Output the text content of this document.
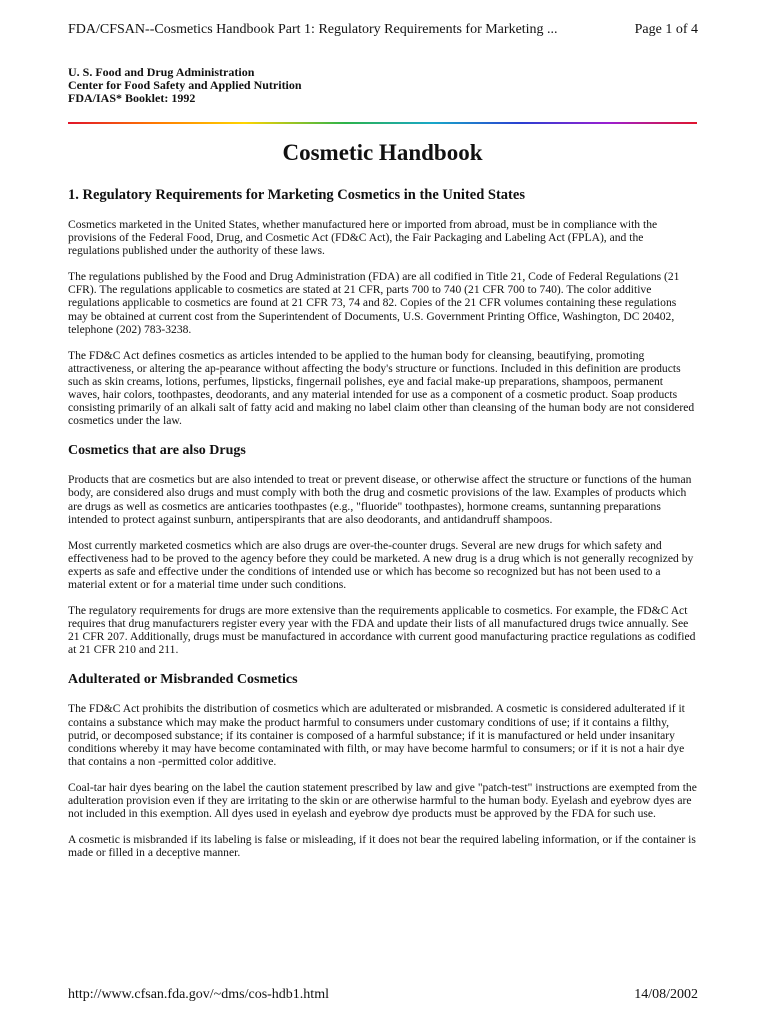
FDA/CFSAN--Cosmetics Handbook Part 1: Regulatory Requirements for Marketing ...	Page 1 of 4
U. S. Food and Drug Administration
Center for Food Safety and Applied Nutrition
FDA/IAS* Booklet: 1992
Cosmetic Handbook
1. Regulatory Requirements for Marketing Cosmetics in the United States

Cosmetics marketed in the United States, whether manufactured here or imported from abroad, must be in compliance with the provisions of the Federal Food, Drug, and Cosmetic Act (FD&C Act), the Fair Packaging and Labeling Act (FPLA), and the regulations published under the authority of these laws.

The regulations published by the Food and Drug Administration (FDA) are all codified in Title 21, Code of Federal Regulations (21 CFR). The regulations applicable to cosmetics are stated at 21 CFR, parts 700 to 740 (21 CFR 700 to 740). The color additive regulations applicable to cosmetics are found at 21 CFR 73, 74 and 82. Copies of the 21 CFR volumes containing these regulations may be obtained at current cost from the Superintendent of Documents, U.S. Government Printing Office, Washington, DC 20402, telephone (202) 783-3238.

The FD&C Act defines cosmetics as articles intended to be applied to the human body for cleansing, beautifying, promoting attractiveness, or altering the ap-pearance without affecting the body's structure or functions. Included in this definition are products such as skin creams, lotions, perfumes, lipsticks, fingernail polishes, eye and facial make-up preparations, shampoos, permanent waves, hair colors, toothpastes, deodorants, and any material intended for use as a component of a cosmetic product. Soap products consisting primarily of an alkali salt of fatty acid and making no label claim other than cleansing of the human body are not considered cosmetics under the law.

Cosmetics that are also Drugs

Products that are cosmetics but are also intended to treat or prevent disease, or otherwise affect the structure or functions of the human body, are considered also drugs and must comply with both the drug and cosmetic provisions of the law. Examples of products which are drugs as well as cosmetics are anticaries toothpastes (e.g., "fluoride" toothpastes), hormone creams, suntanning preparations intended to protect against sunburn, antiperspirants that are also deodorants, and antidandruff shampoos.

Most currently marketed cosmetics which are also drugs are over-the-counter drugs. Several are new drugs for which safety and effectiveness had to be proved to the agency before they could be marketed. A new drug is a drug which is not generally recognized by experts as safe and effective under the conditions of intended use or which has become so recognized but has not been used to a material extent or for a material time under such conditions.

The regulatory requirements for drugs are more extensive than the requirements applicable to cosmetics. For example, the FD&C Act requires that drug manufacturers register every year with the FDA and update their lists of all manufactured drugs twice annually. See 21 CFR 207. Additionally, drugs must be manufactured in accordance with current good manufacturing practice regulations as codified at 21 CFR 210 and 211.

Adulterated or Misbranded Cosmetics

The FD&C Act prohibits the distribution of cosmetics which are adulterated or misbranded. A cosmetic is considered adulterated if it contains a substance which may make the product harmful to consumers under customary conditions of use; if it contains a filthy, putrid, or decomposed substance; if its container is composed of a harmful substance; if it is manufactured or held under insanitary conditions whereby it may have become contaminated with filth, or may have become harmful to consumers; or if it is not a hair dye that contains a non -permitted color additive.

Coal-tar hair dyes bearing on the label the caution statement prescribed by law and give "patch-test" instructions are exempted from the adulteration provision even if they are irritating to the skin or are otherwise harmful to the human body. Eyelash and eyebrow dyes are not included in this exemption. All dyes used in eyelash and eyebrow dye products must be approved by the FDA for such use.

A cosmetic is misbranded if its labeling is false or misleading, if it does not bear the required labeling information, or if the container is made or filled in a deceptive manner.

http://www.cfsan.fda.gov/~dms/cos-hdb1.html	14/08/2002
